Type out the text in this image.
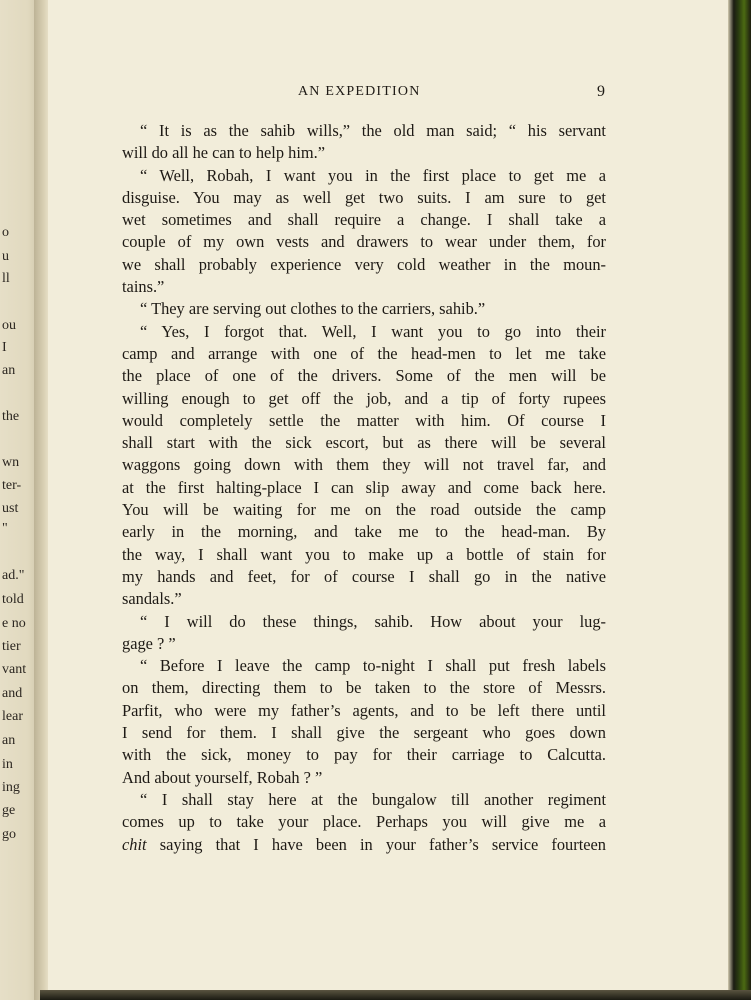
o
u
ll
ou
I
an
the
wn
ter-
ust
"
ad."
told
e no
tier
vant
and
lear
an
in
ing
ge
go
AN EXPEDITION	9
“ It is as the sahib wills,” the old man said; “ his servant
will do all he can to help him.”
“ Well, Robah, I want you in the first place to get me a
disguise. You may as well get two suits. I am sure to get
wet sometimes and shall require a change. I shall take a
couple of my own vests and drawers to wear under them, for
we shall probably experience very cold weather in the moun-
tains.”
“ They are serving out clothes to the carriers, sahib.”
“ Yes, I forgot that. Well, I want you to go into their
camp and arrange with one of the head-men to let me take
the place of one of the drivers. Some of the men will be
willing enough to get off the job, and a tip of forty rupees
would completely settle the matter with him. Of course I
shall start with the sick escort, but as there will be several
waggons going down with them they will not travel far, and
at the first halting-place I can slip away and come back here.
You will be waiting for me on the road outside the camp
early in the morning, and take me to the head-man. By
the way, I shall want you to make up a bottle of stain for
my hands and feet, for of course I shall go in the native
sandals.”
“ I will do these things, sahib. How about your lug-
gage ? ”
“ Before I leave the camp to-night I shall put fresh labels
on them, directing them to be taken to the store of Messrs.
Parfit, who were my father’s agents, and to be left there until
I send for them. I shall give the sergeant who goes down
with the sick, money to pay for their carriage to Calcutta.
And about yourself, Robah ? ”
“ I shall stay here at the bungalow till another regiment
comes up to take your place. Perhaps you will give me a
chit saying that I have been in your father’s service fourteen
